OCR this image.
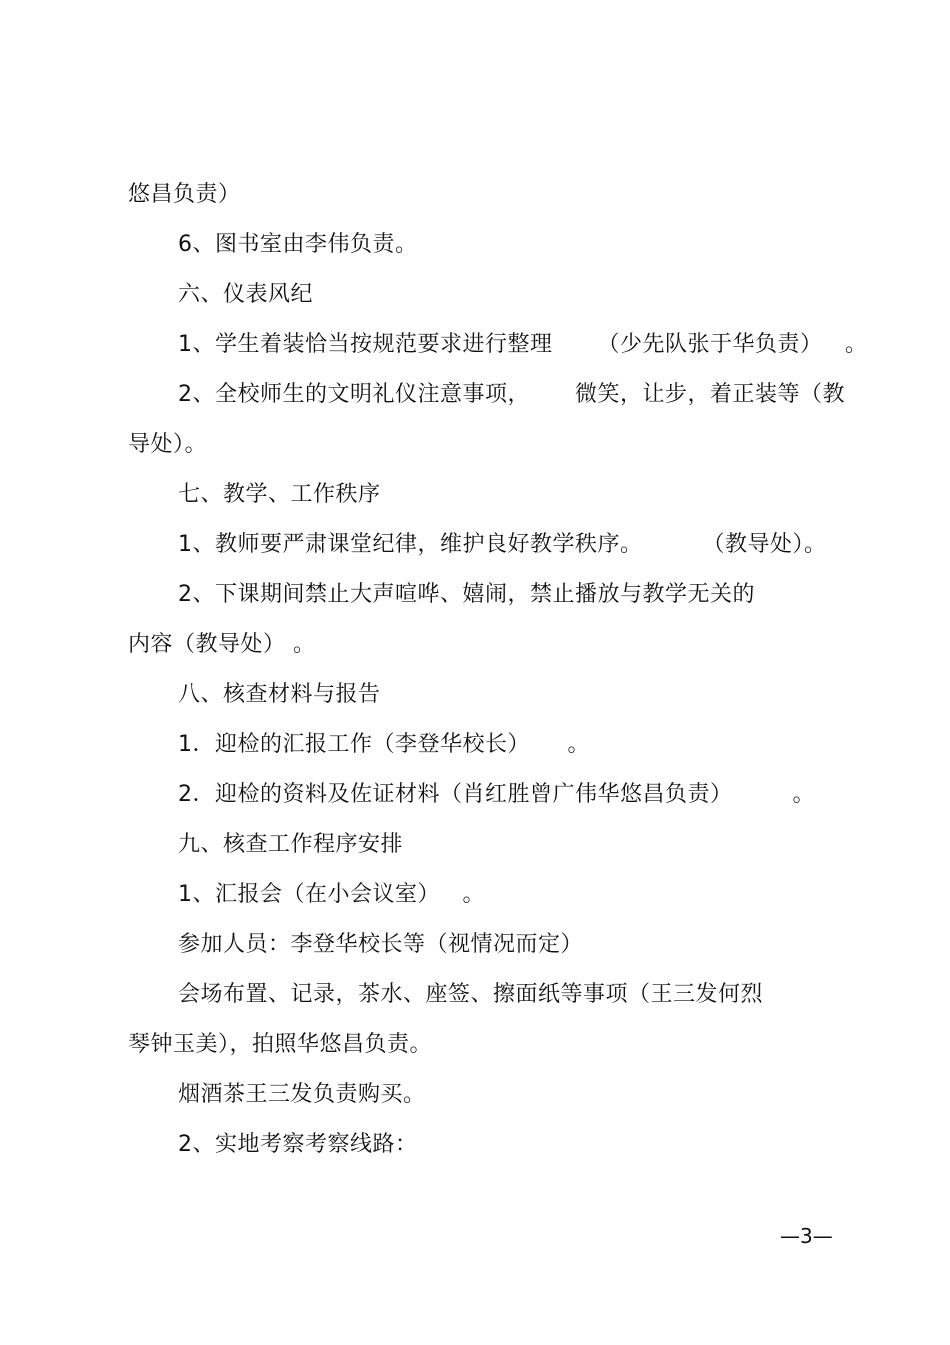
悠昌负责）
6、图书室由李伟负责。
六、仪表风纪
1、学生着装恰当按规范要求进行整理      （少先队张于华负责）   。
2、全校师生的文明礼仪注意事项，      微笑，让步，着正装等（教
导处）。
七、教学、工作秩序
1、教师要严肃课堂纪律，维护良好教学秩序。        （教导处）。
2、下课期间禁止大声喧哗、嬉闹，禁止播放与教学无关的
内容（教导处） 。
八、核查材料与报告
1．迎检的汇报工作（李登华校长）     。
2．迎检的资料及佐证材料（肖红胜曾广伟华悠昌负责）        。
九、核查工作程序安排
1、汇报会（在小会议室）   。
参加人员：李登华校长等（视情况而定）
会场布置、记录，茶水、座签、擦面纸等事项（王三发何烈
琴钟玉美），拍照华悠昌负责。
烟酒茶王三发负责购买。
2、实地考察考察线路：
—3—
